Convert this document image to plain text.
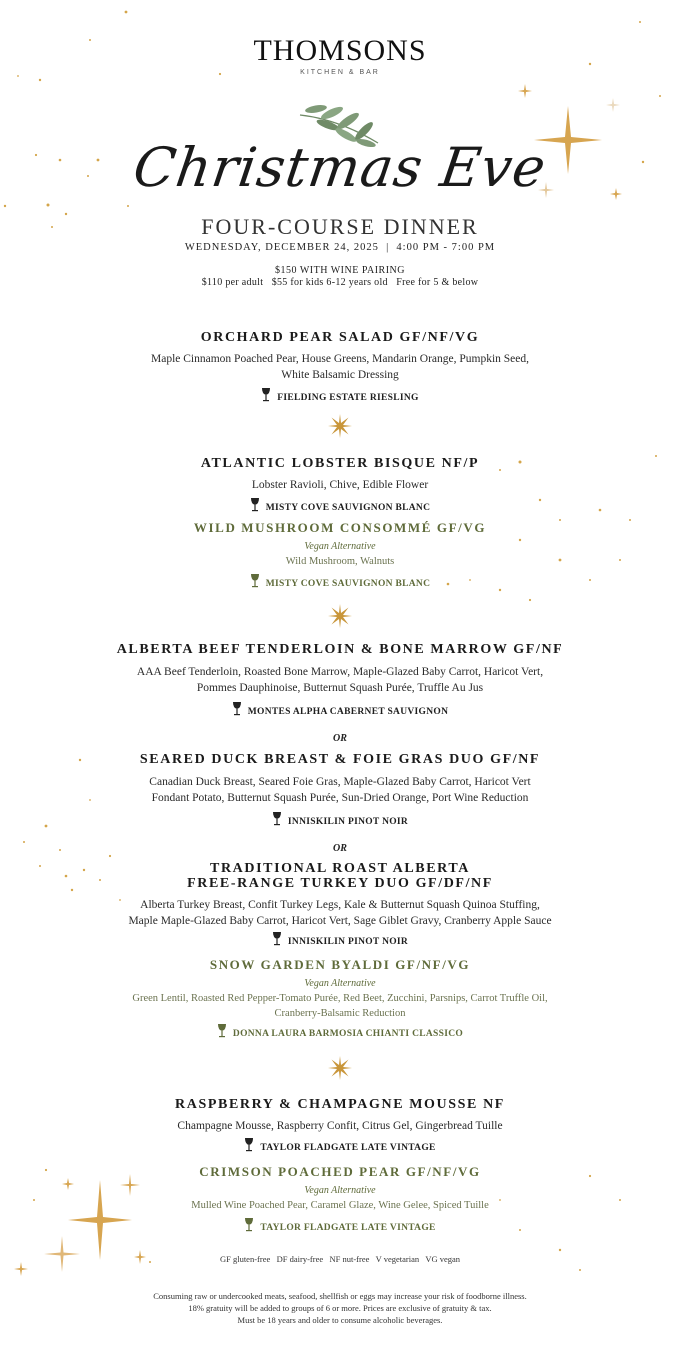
THOMSONS
KITCHEN & BAR
Christmas Eve
FOUR-COURSE DINNER
WEDNESDAY, DECEMBER 24, 2025  |  4:00 PM - 7:00 PM
$150 WITH WINE PAIRING
$110 per adult   $55 for kids 6-12 years old   Free for 5 & below
ORCHARD PEAR SALAD GF/NF/VG
Maple Cinnamon Poached Pear, House Greens, Mandarin Orange, Pumpkin Seed,
White Balsamic Dressing
FIELDING ESTATE RIESLING
ATLANTIC LOBSTER BISQUE NF/P
Lobster Ravioli, Chive, Edible Flower
MISTY COVE SAUVIGNON BLANC
WILD MUSHROOM CONSOMMÉ GF/VG
Vegan Alternative
Wild Mushroom, Walnuts
MISTY COVE SAUVIGNON BLANC
ALBERTA BEEF TENDERLOIN & BONE MARROW GF/NF
AAA Beef Tenderloin, Roasted Bone Marrow, Maple-Glazed Baby Carrot, Haricot Vert,
Pommes Dauphinoise, Butternut Squash Purée, Truffle Au Jus
MONTES ALPHA CABERNET SAUVIGNON
OR
SEARED DUCK BREAST & FOIE GRAS DUO GF/NF
Canadian Duck Breast, Seared Foie Gras, Maple-Glazed Baby Carrot, Haricot Vert
Fondant Potato, Butternut Squash Purée, Sun-Dried Orange, Port Wine Reduction
INNISKILIN PINOT NOIR
OR
TRADITIONAL ROAST ALBERTA
FREE-RANGE TURKEY DUO GF/DF/NF
Alberta Turkey Breast, Confit Turkey Legs, Kale & Butternut Squash Quinoa Stuffing,
Maple Maple-Glazed Baby Carrot, Haricot Vert, Sage Giblet Gravy, Cranberry Apple Sauce
INNISKILIN PINOT NOIR
SNOW GARDEN BYALDI GF/NF/VG
Vegan Alternative
Green Lentil, Roasted Red Pepper-Tomato Purée, Red Beet, Zucchini, Parsnips, Carrot Truffle Oil,
Cranberry-Balsamic Reduction
DONNA LAURA BARMOSIA CHIANTI CLASSICO
RASPBERRY & CHAMPAGNE MOUSSE NF
Champagne Mousse, Raspberry Confit, Citrus Gel, Gingerbread Tuille
TAYLOR FLADGATE LATE VINTAGE
CRIMSON POACHED PEAR GF/NF/VG
Vegan Alternative
Mulled Wine Poached Pear, Caramel Glaze, Wine Gelee, Spiced Tuille
TAYLOR FLADGATE LATE VINTAGE
GF gluten-free   DF dairy-free   NF nut-free   V vegetarian   VG vegan
Consuming raw or undercooked meats, seafood, shellfish or eggs may increase your risk of foodborne illness.
18% gratuity will be added to groups of 6 or more. Prices are exclusive of gratuity & tax.
Must be 18 years and older to consume alcoholic beverages.
